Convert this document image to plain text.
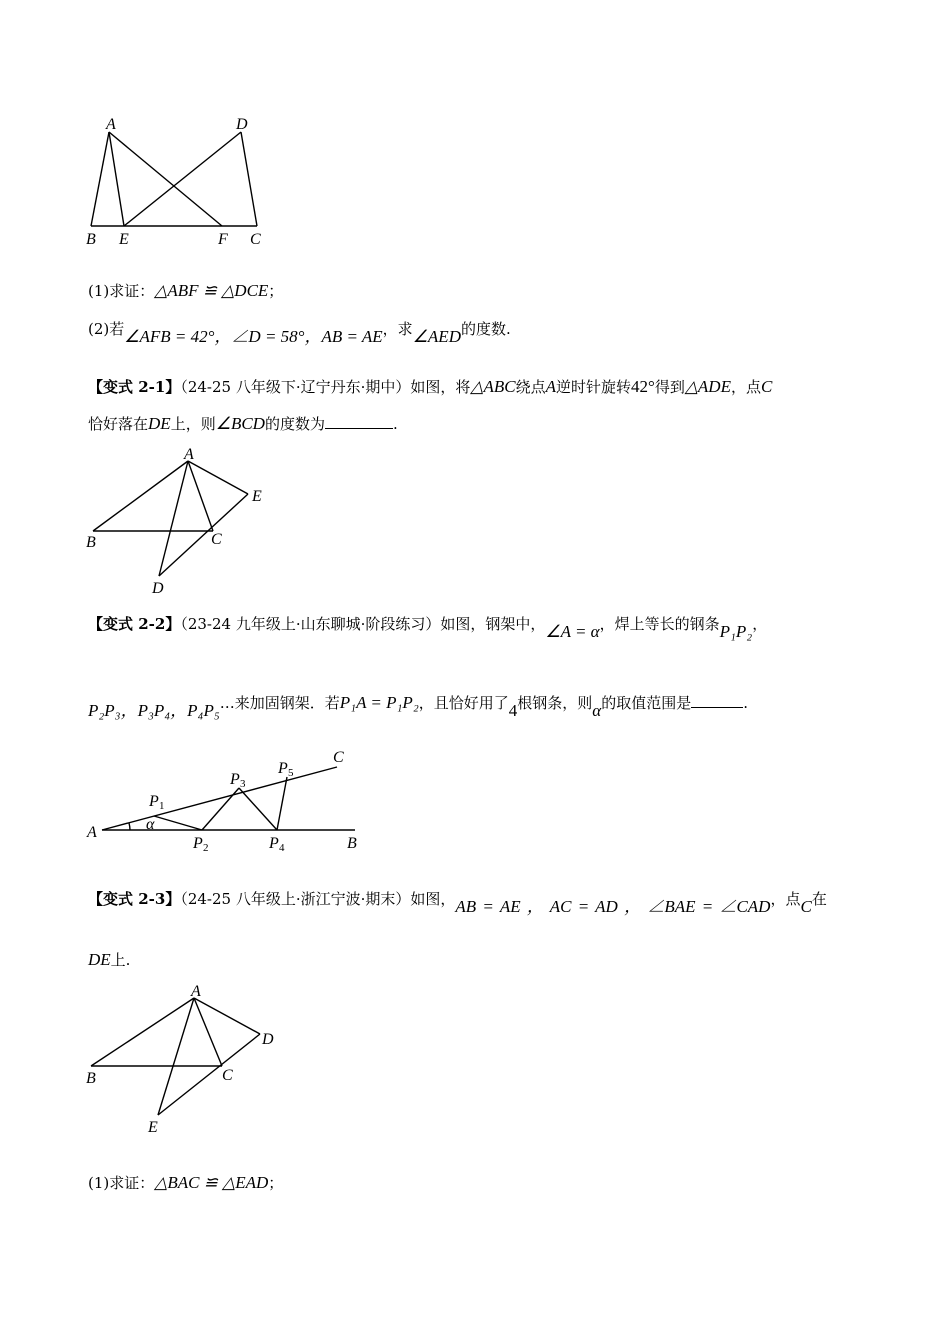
A	D
B E	F C
(1)求证：△ABF ≌ △DCE；
(2)若∠AFB = 42°，∠D = 58°，AB = AE，求∠AED的度数.
【变式 2-1】（24-25 八年级下·辽宁丹东·期中）如图，将△ABC绕点A逆时针旋转42°得到△ADE，点C
恰好落在DE上，则∠BCD的度数为	.
A
E
B	C
D
【变式 2-2】（23-24 九年级上·山东聊城·阶段练习）如图，钢架中，∠A = α，焊上等长的钢条P₁P₂，
P₂P₃，P₃P₄，P₄P₅…来加固钢架．若P₁A = P₁P₂，且恰好用了4根钢条，则α的取值范围是	.
C
P 5
P 3
P 1
α
A
P 2	P 4	B
【变式 2-3】（24-25 八年级上·浙江宁波·期末）如图，AB = AE ， AC = AD ， ∠BAE = ∠CAD，点C在
DE上.
A
D
B	C
E
(1)求证：△BAC ≌ △EAD；
